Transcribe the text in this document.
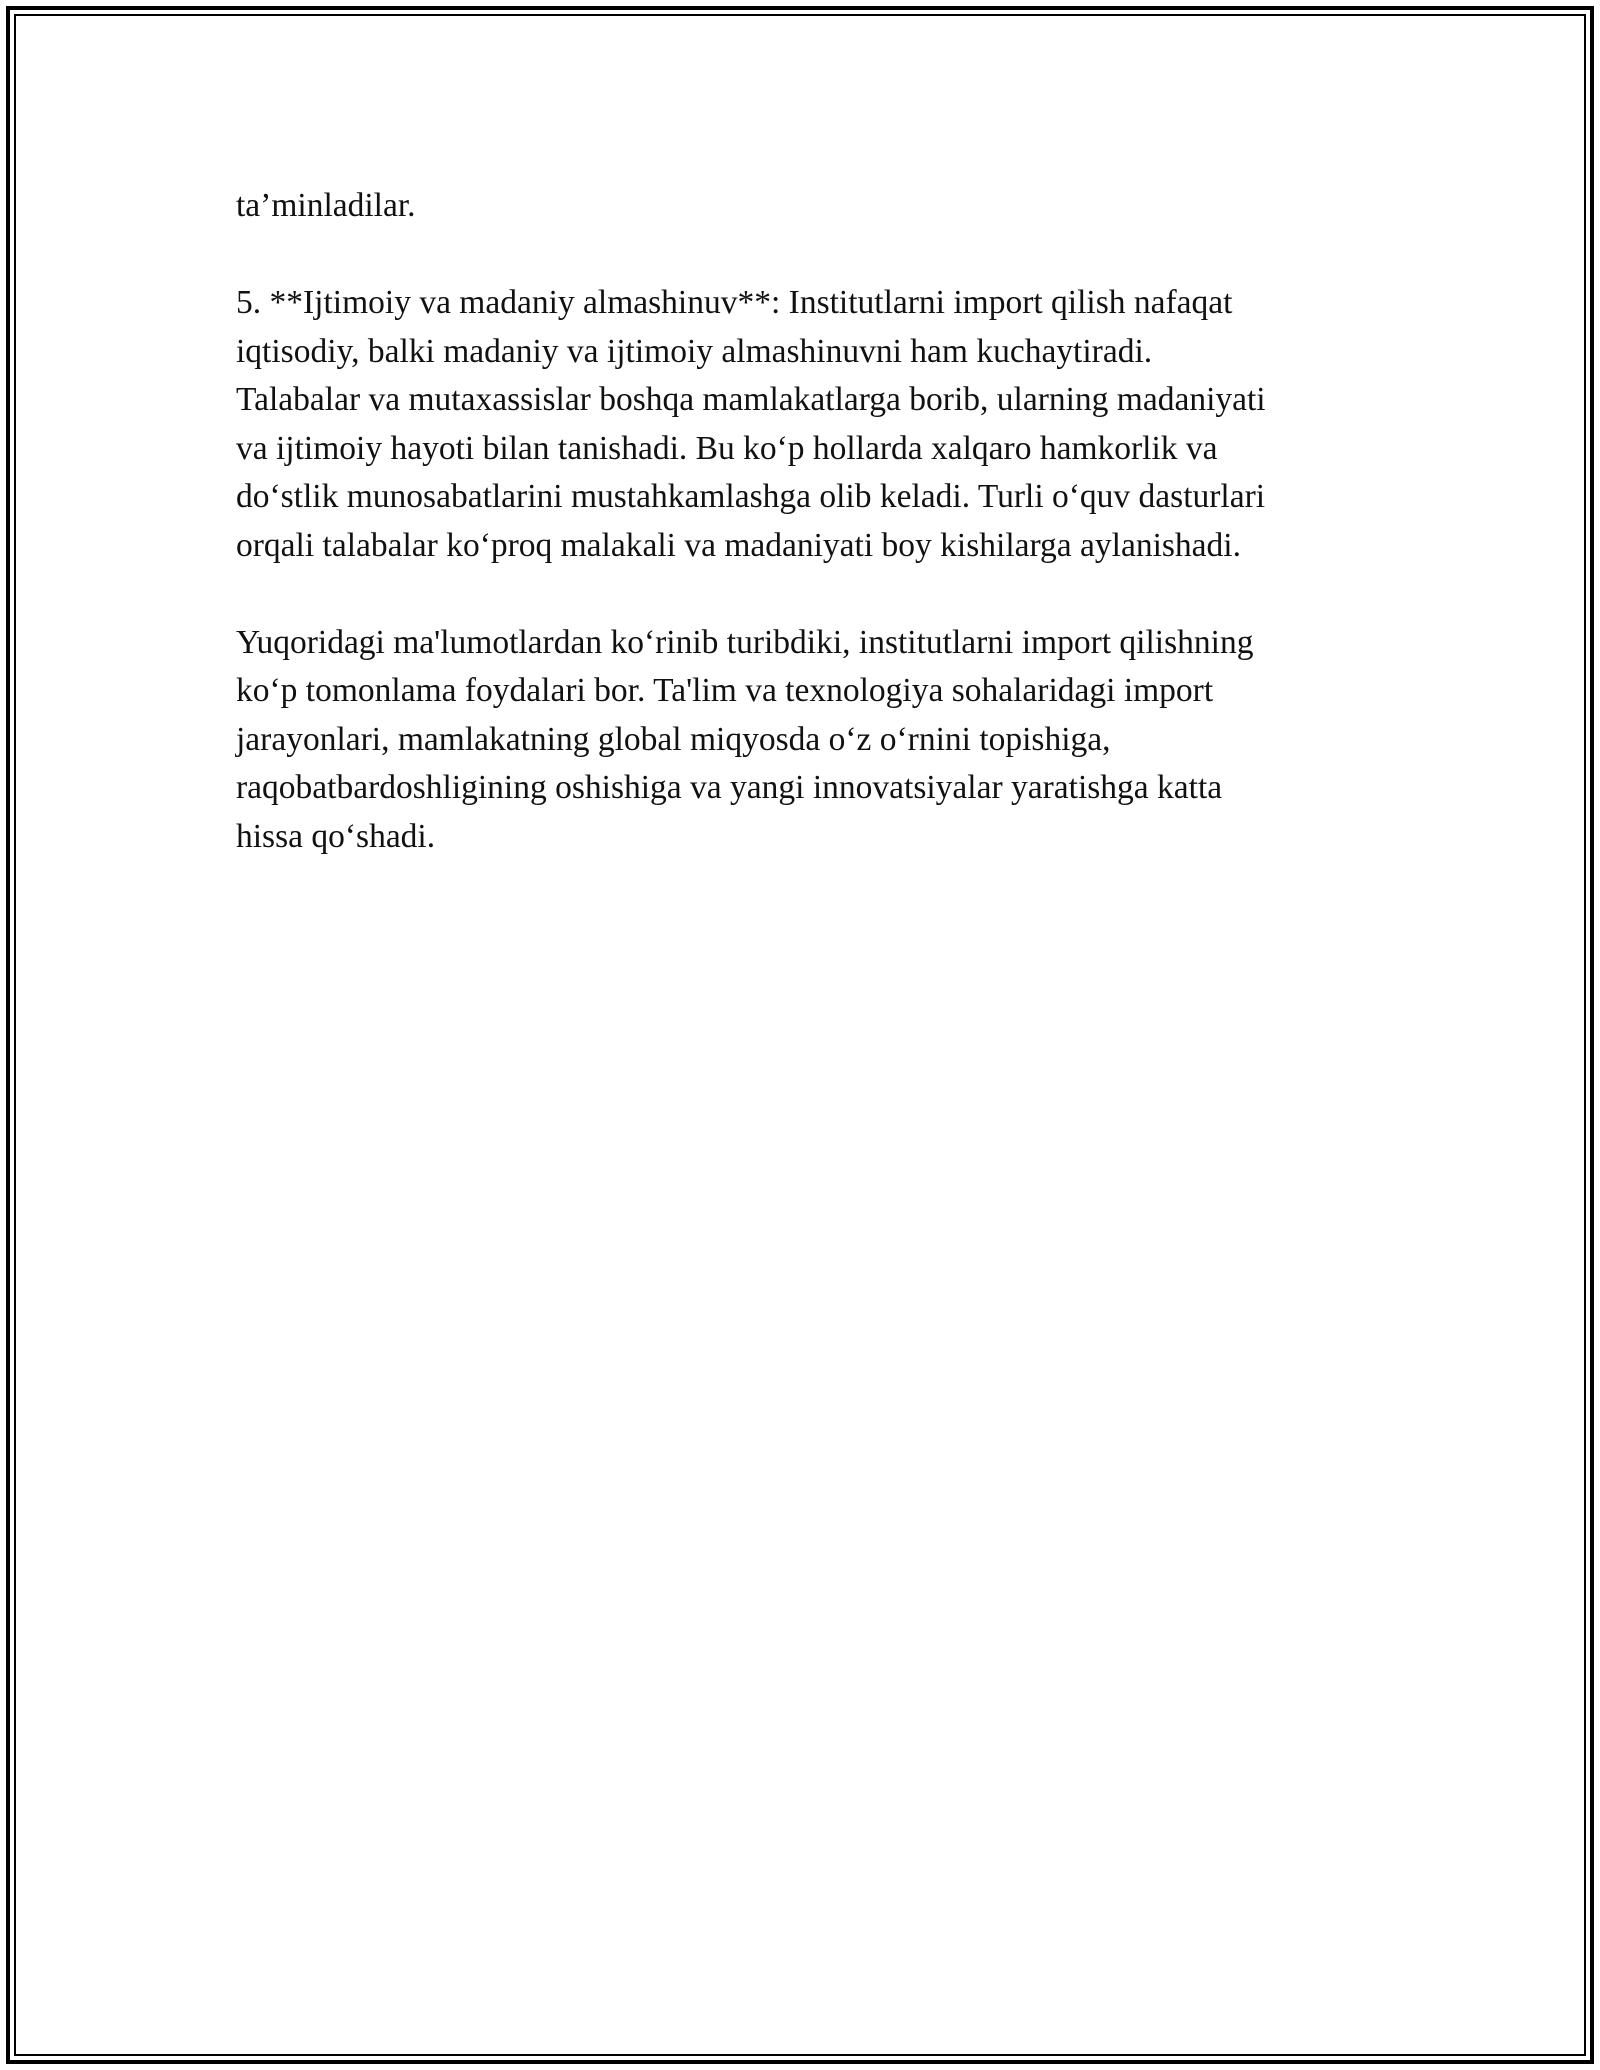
ta’minladilar.

5. **Ijtimoiy va madaniy almashinuv**: Institutlarni import qilish nafaqat
iqtisodiy, balki madaniy va ijtimoiy almashinuvni ham kuchaytiradi.
Talabalar va mutaxassislar boshqa mamlakatlarga borib, ularning madaniyati
va ijtimoiy hayoti bilan tanishadi. Bu ko‘p hollarda xalqaro hamkorlik va
do‘stlik munosabatlarini mustahkamlashga olib keladi. Turli o‘quv dasturlari
orqali talabalar ko‘proq malakali va madaniyati boy kishilarga aylanishadi.

Yuqoridagi ma'lumotlardan ko‘rinib turibdiki, institutlarni import qilishning
ko‘p tomonlama foydalari bor. Ta'lim va texnologiya sohalaridagi import
jarayonlari, mamlakatning global miqyosda o‘z o‘rnini topishiga,
raqobatbardoshligining oshishiga va yangi innovatsiyalar yaratishga katta
hissa qo‘shadi.
